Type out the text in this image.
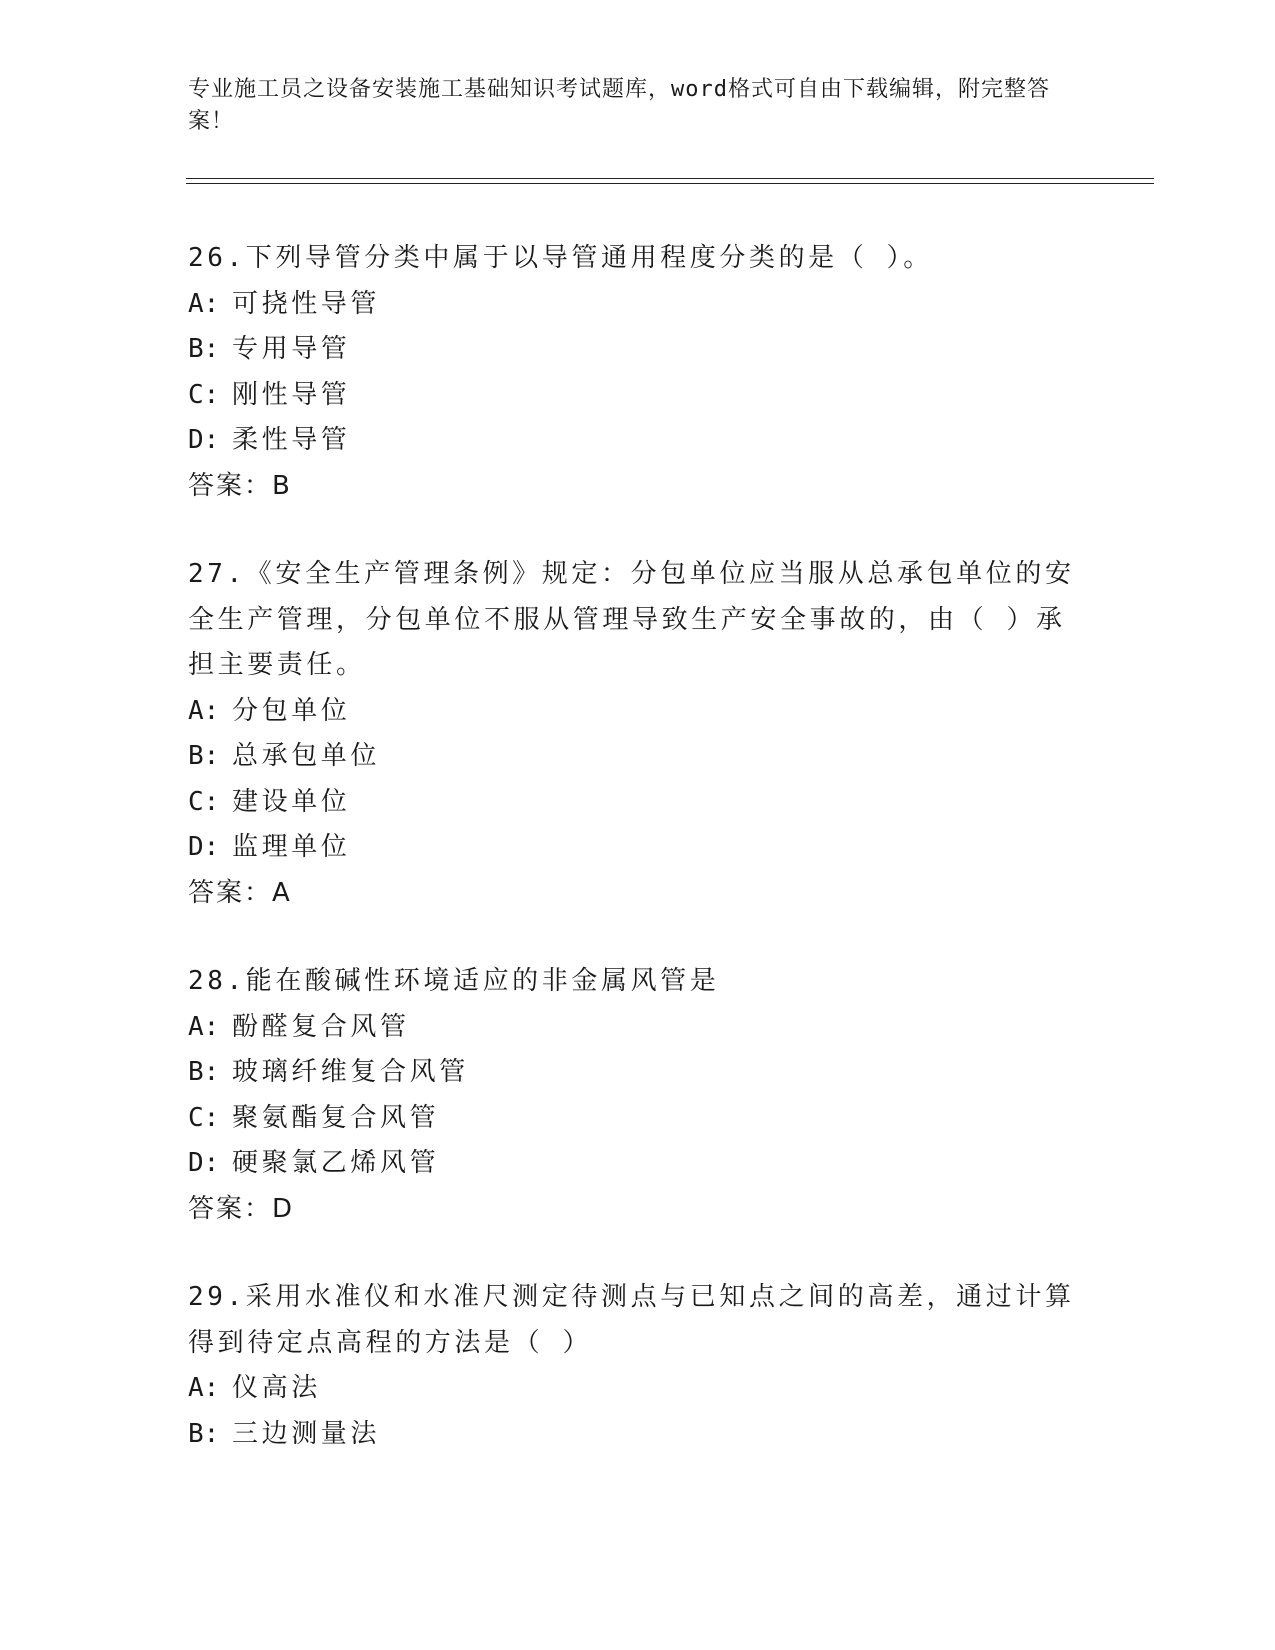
专业施工员之设备安装施工基础知识考试题库，word格式可自由下载编辑，附完整答案！
26.下列导管分类中属于以导管通用程度分类的是（ ）。
A: 可挠性导管
B: 专用导管
C: 刚性导管
D: 柔性导管
答案：B
27.《安全生产管理条例》规定：分包单位应当服从总承包单位的安全生产管理，分包单位不服从管理导致生产安全事故的，由（ ）承担主要责任。
A: 分包单位
B: 总承包单位
C: 建设单位
D: 监理单位
答案：A
28.能在酸碱性环境适应的非金属风管是
A: 酚醛复合风管
B: 玻璃纤维复合风管
C: 聚氨酯复合风管
D: 硬聚氯乙烯风管
答案：D
29.采用水准仪和水准尺测定待测点与已知点之间的高差，通过计算得到待定点高程的方法是（ ）
A: 仪高法
B: 三边测量法
